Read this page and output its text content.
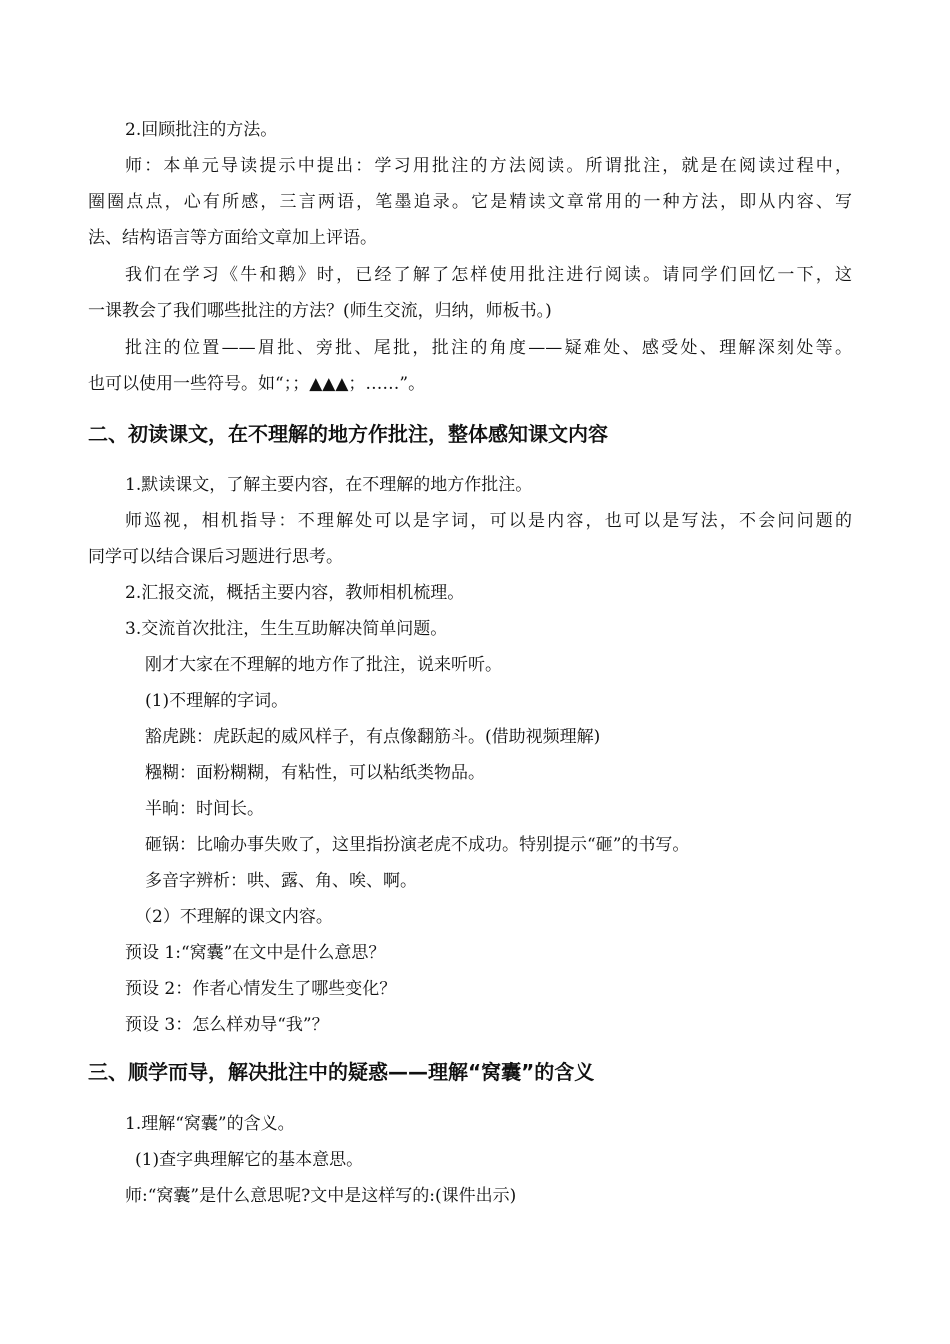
2.回顾批注的方法。
师：本单元导读提示中提出：学习用批注的方法阅读。所谓批注，就是在阅读过程中，
圈圈点点，心有所感，三言两语，笔墨追录。它是精读文章常用的一种方法，即从内容、写
法、结构语言等方面给文章加上评语。
我们在学习《牛和鹅》时，已经了解了怎样使用批注进行阅读。请同学们回忆一下，这
一课教会了我们哪些批注的方法？(师生交流，归纳，师板书。)
批注的位置——眉批、旁批、尾批，批注的角度——疑难处、感受处、理解深刻处等。
也可以使用一些符号。如“；；▲▲▲；……”。
二、初读课文，在不理解的地方作批注，整体感知课文内容
1.默读课文，了解主要内容，在不理解的地方作批注。
师巡视，相机指导：不理解处可以是字词，可以是内容，也可以是写法，不会问问题的
同学可以结合课后习题进行思考。
2.汇报交流，概括主要内容，教师相机梳理。
3.交流首次批注，生生互助解决简单问题。
刚才大家在不理解的地方作了批注，说来听听。
(1)不理解的字词。
豁虎跳：虎跃起的威风样子，有点像翻筋斗。(借助视频理解)
糨糊：面粉糊糊，有粘性，可以粘纸类物品。
半晌：时间长。
砸锅：比喻办事失败了，这里指扮演老虎不成功。特别提示“砸”的书写。
多音字辨析：哄、露、角、唉、啊。
（2）不理解的课文内容。
预设 1:“窝囊”在文中是什么意思？
预设 2：作者心情发生了哪些变化？
预设 3：怎么样劝导“我”？
三、顺学而导，解决批注中的疑惑——理解“窝囊”的含义
1.理解“窝囊”的含义。
(1)查字典理解它的基本意思。
师:“窝囊”是什么意思呢?文中是这样写的:(课件出示)
